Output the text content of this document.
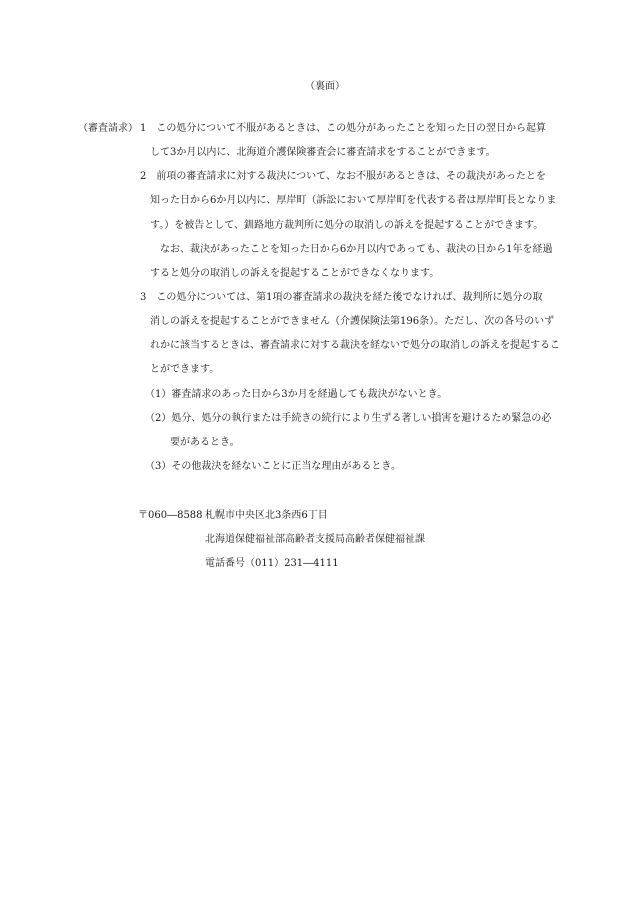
（裏面）
（審査請求） 1　この処分について不服があるときは、この処分があったことを知った日の翌日から起算
して3か月以内に、北海道介護保険審査会に審査請求をすることができます。
2　前項の審査請求に対する裁決について、なお不服があるときは、その裁決があったとを
知った日から6か月以内に、厚岸町（訴訟において厚岸町を代表する者は厚岸町長となりま
す。）を被告として、釧路地方裁判所に処分の取消しの訴えを提起することができます。
なお、裁決があったことを知った日から6か月以内であっても、裁決の日から1年を経過
すると処分の取消しの訴えを提起することができなくなります。
3　この処分については、第1項の審査請求の裁決を経た後でなければ、裁判所に処分の取
消しの訴えを提起することができません（介護保険法第196条）。ただし、次の各号のいず
れかに該当するときは、審査請求に対する裁決を経ないで処分の取消しの訴えを提起するこ
とができます。
（1）審査請求のあった日から3か月を経過しても裁決がないとき。
（2）処分、処分の執行または手続きの続行により生ずる著しい損害を避けるため緊急の必
要があるとき。
（3）その他裁決を経ないことに正当な理由があるとき。
〒060―8588 札幌市中央区北3条西6丁目
北海道保健福祉部高齢者支援局高齢者保健福祉課
電話番号（011）231―4111
